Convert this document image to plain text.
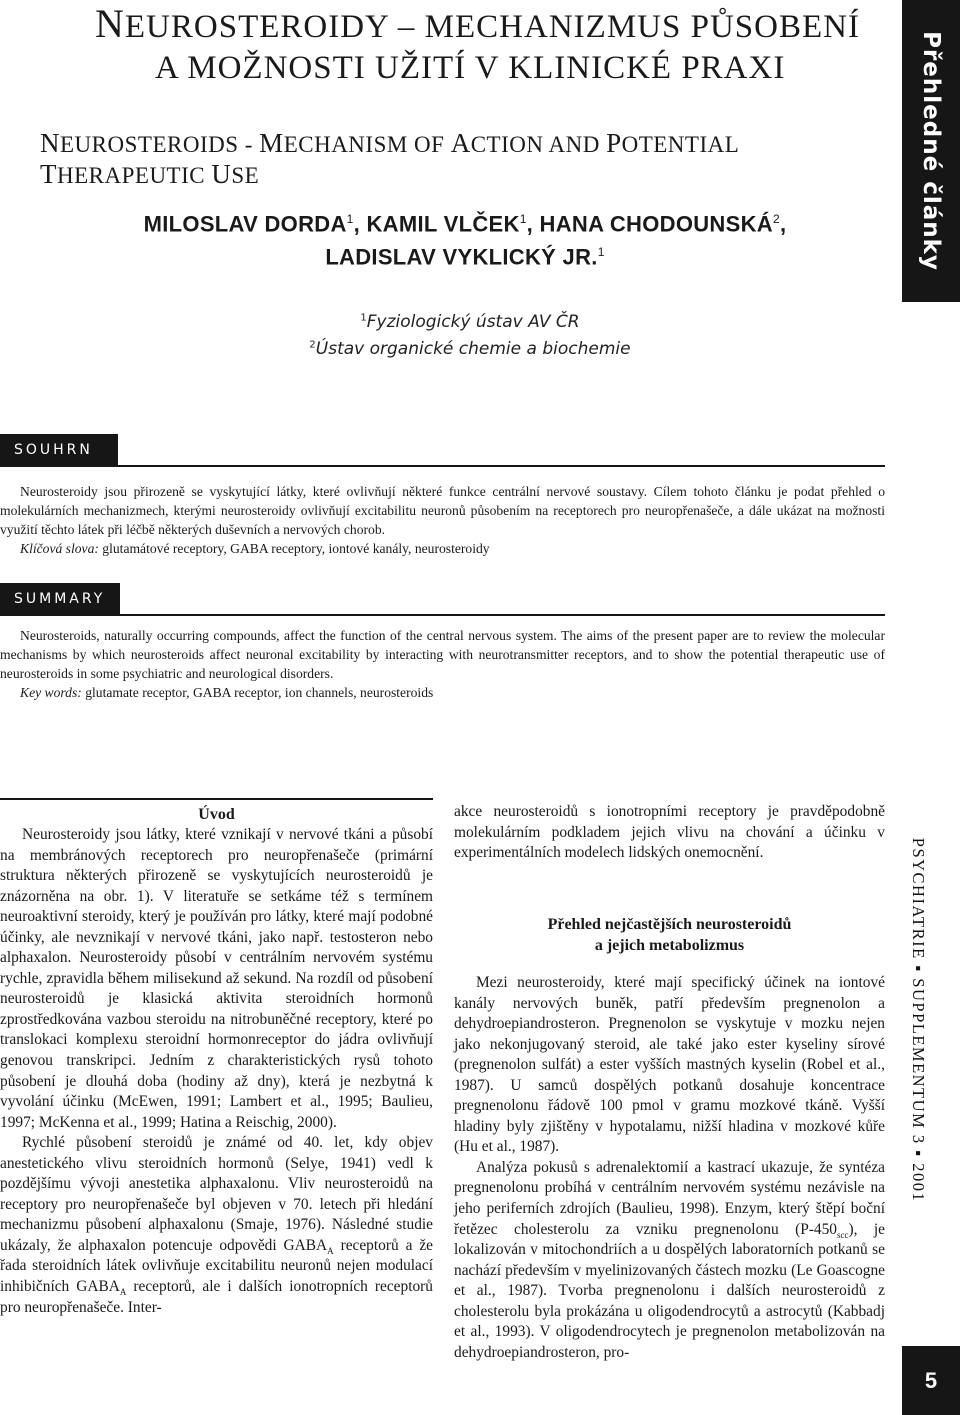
NEUROSTEROIDY – MECHANIZMUS PŮSOBENÍ
A MOŽNOSTI UŽITÍ V KLINICKÉ PRAXI
NEUROSTEROIDS - MECHANISM OF ACTION AND POTENTIAL THERAPEUTIC USE
MILOSLAV DORDA$^1$, KAMIL VLČEK$^1$, HANA CHODOUNSKÁ$^2$,
LADISLAV VYKLICKÝ JR.$^1$
$^1$Fyziologický ústav AV ČR
$^2$Ústav organické chemie a biochemie
Přehledné články
PSYCHIATRIE ▪ SUPPLEMENTUM 3 ▪ 2001
5
SOUHRN

Neurosteroidy jsou přirozeně se vyskytující látky, které ovlivňují některé funkce centrální nervové soustavy. Cílem tohoto článku je podat přehled o molekulárních mechanizmech, kterými neurosteroidy ovlivňují excitabilitu neuronů působením na receptorech pro neuropřenašeče, a dále ukázat na možnosti využití těchto látek při léčbě některých duševních a nervových chorob.

Klíčová slova: glutamátové receptory, GABA receptory, iontové kanály, neurosteroidy

SUMMARY

Neurosteroids, naturally occurring compounds, affect the function of the central nervous system. The aims of the present paper are to review the molecular mechanisms by which neurosteroids affect neuronal excitability by interacting with neurotransmitter receptors, and to show the potential therapeutic use of neurosteroids in some psychiatric and neurological disorders.

Key words: glutamate receptor, GABA receptor, ion channels, neurosteroids

Úvod

Neurosteroidy jsou látky, které vznikají v nervové tkáni a působí na membránových receptorech pro neuropřenašeče (primární struktura některých přirozeně se vyskytujících neurosteroidů je znázorněna na obr. 1). V literatuře se setkáme též s termínem neuroaktivní steroidy, který je používán pro látky, které mají podobné účinky, ale nevznikají v nervové tkáni, jako např. testosteron nebo alphaxalon. Neurosteroidy působí v centrálním nervovém systému rychle, zpravidla během milisekund až sekund. Na rozdíl od působení neurosteroidů je klasická aktivita steroidních hormonů zprostředkována vazbou steroidu na nitrobuněčné receptory, které po translokaci komplexu steroidní hormonreceptor do jádra ovlivňují genovou transkripci. Jedním z charakteristických rysů tohoto působení je dlouhá doba (hodiny až dny), která je nezbytná k vyvolání účinku (McEwen, 1991; Lambert et al., 1995; Baulieu, 1997; McKenna et al., 1999; Hatina a Reischig, 2000).

Rychlé působení steroidů je známé od 40. let, kdy objev anestetického vlivu steroidních hormonů (Selye, 1941) vedl k pozdějšímu vývoji anestetika alphaxalonu. Vliv neurosteroidů na receptory pro neuropřenašeče byl objeven v 70. letech při hledání mechanizmu působení alphaxalonu (Smaje, 1976). Následné studie ukázaly, že alphaxalon potencuje odpovědi $GABA_A$ receptorů a že řada steroidních látek ovlivňuje excitabilitu neuronů nejen modulací inhibičních $GABA_A$ receptorů, ale i dalších ionotropních receptorů pro neuropřenašeče. Inter-

akce neurosteroidů s ionotropními receptory je pravděpodobně molekulárním podkladem jejich vlivu na chování a účinku v experimentálních modelech lidských onemocnění.

Přehled nejčastějších neurosteroidů
a jejich metabolizmus

Mezi neurosteroidy, které mají specifický účinek na iontové kanály nervových buněk, patří především pregnenolon a dehydroepiandrosteron. Pregnenolon se vyskytuje v mozku nejen jako nekonjugovaný steroid, ale také jako ester kyseliny sírové (pregnenolon sulfát) a ester vyšších mastných kyselin (Robel et al., 1987). U samců dospělých potkanů dosahuje koncentrace pregnenolonu řádově 100 pmol v gramu mozkové tkáně. Vyšší hladiny byly zjištěny v hypotalamu, nižší hladina v mozkové kůře (Hu et al., 1987).

Analýza pokusů s adrenalektomií a kastrací ukazuje, že syntéza pregnenolonu probíhá v centrálním nervovém systému nezávisle na jeho periferních zdrojích (Baulieu, 1998). Enzym, který štěpí boční řetězec cholesterolu za vzniku pregnenolonu $(P-450_{scc})$, je lokalizován v mitochondriích a u dospělých laboratorních potkanů se nachází především v myelinizovaných částech mozku (Le Goascogne et al., 1987). Tvorba pregnenolonu i dalších neurosteroidů z cholesterolu byla prokázána u oligodendrocytů a astrocytů (Kabbadj et al., 1993). V oligodendrocytech je pregnenolon metabolizován na dehydroepiandrosteron, pro-
